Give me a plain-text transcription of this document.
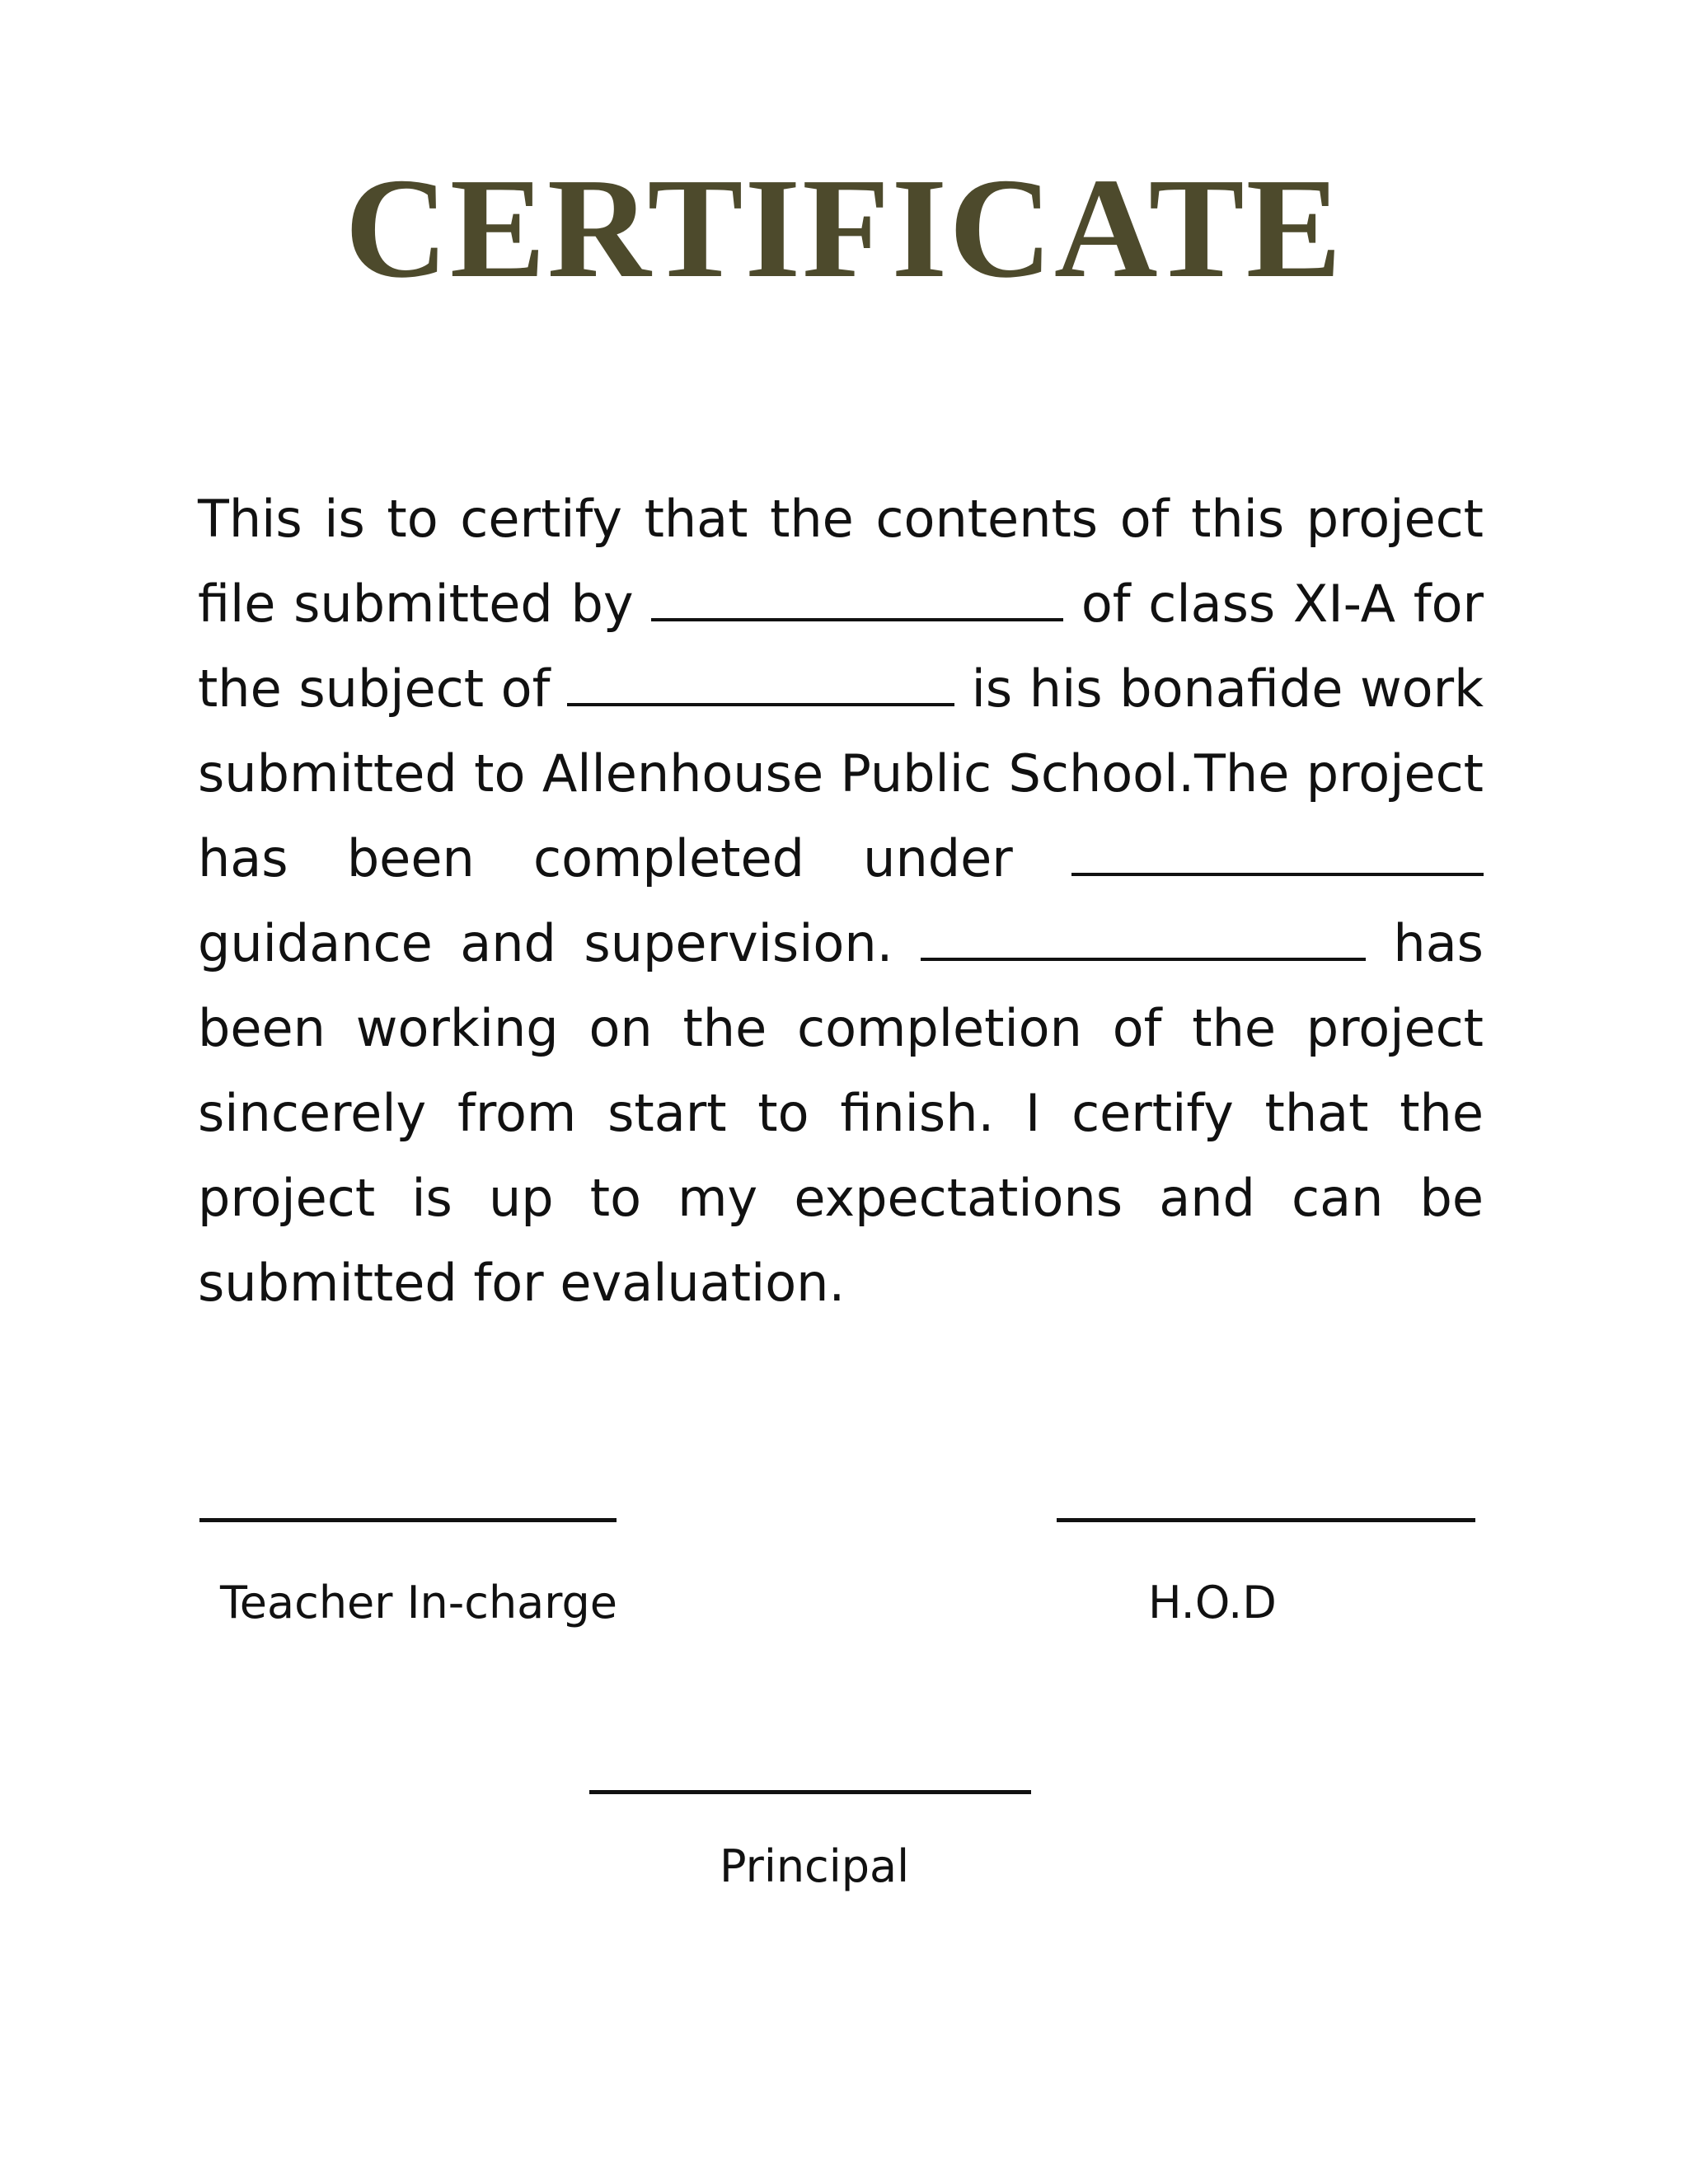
CERTIFICATE

This is to certify that the contents of this project file submitted by	of class XI-A for the subject of	is his bonafide work submitted to Allenhouse Public School.The project has been completed under  guidance and supervision.	has been working on the completion of the project sincerely from start to finish. I certify that the project is up to my expectations and can be submitted for evaluation.

Teacher In-charge	H.O.D
Principal
